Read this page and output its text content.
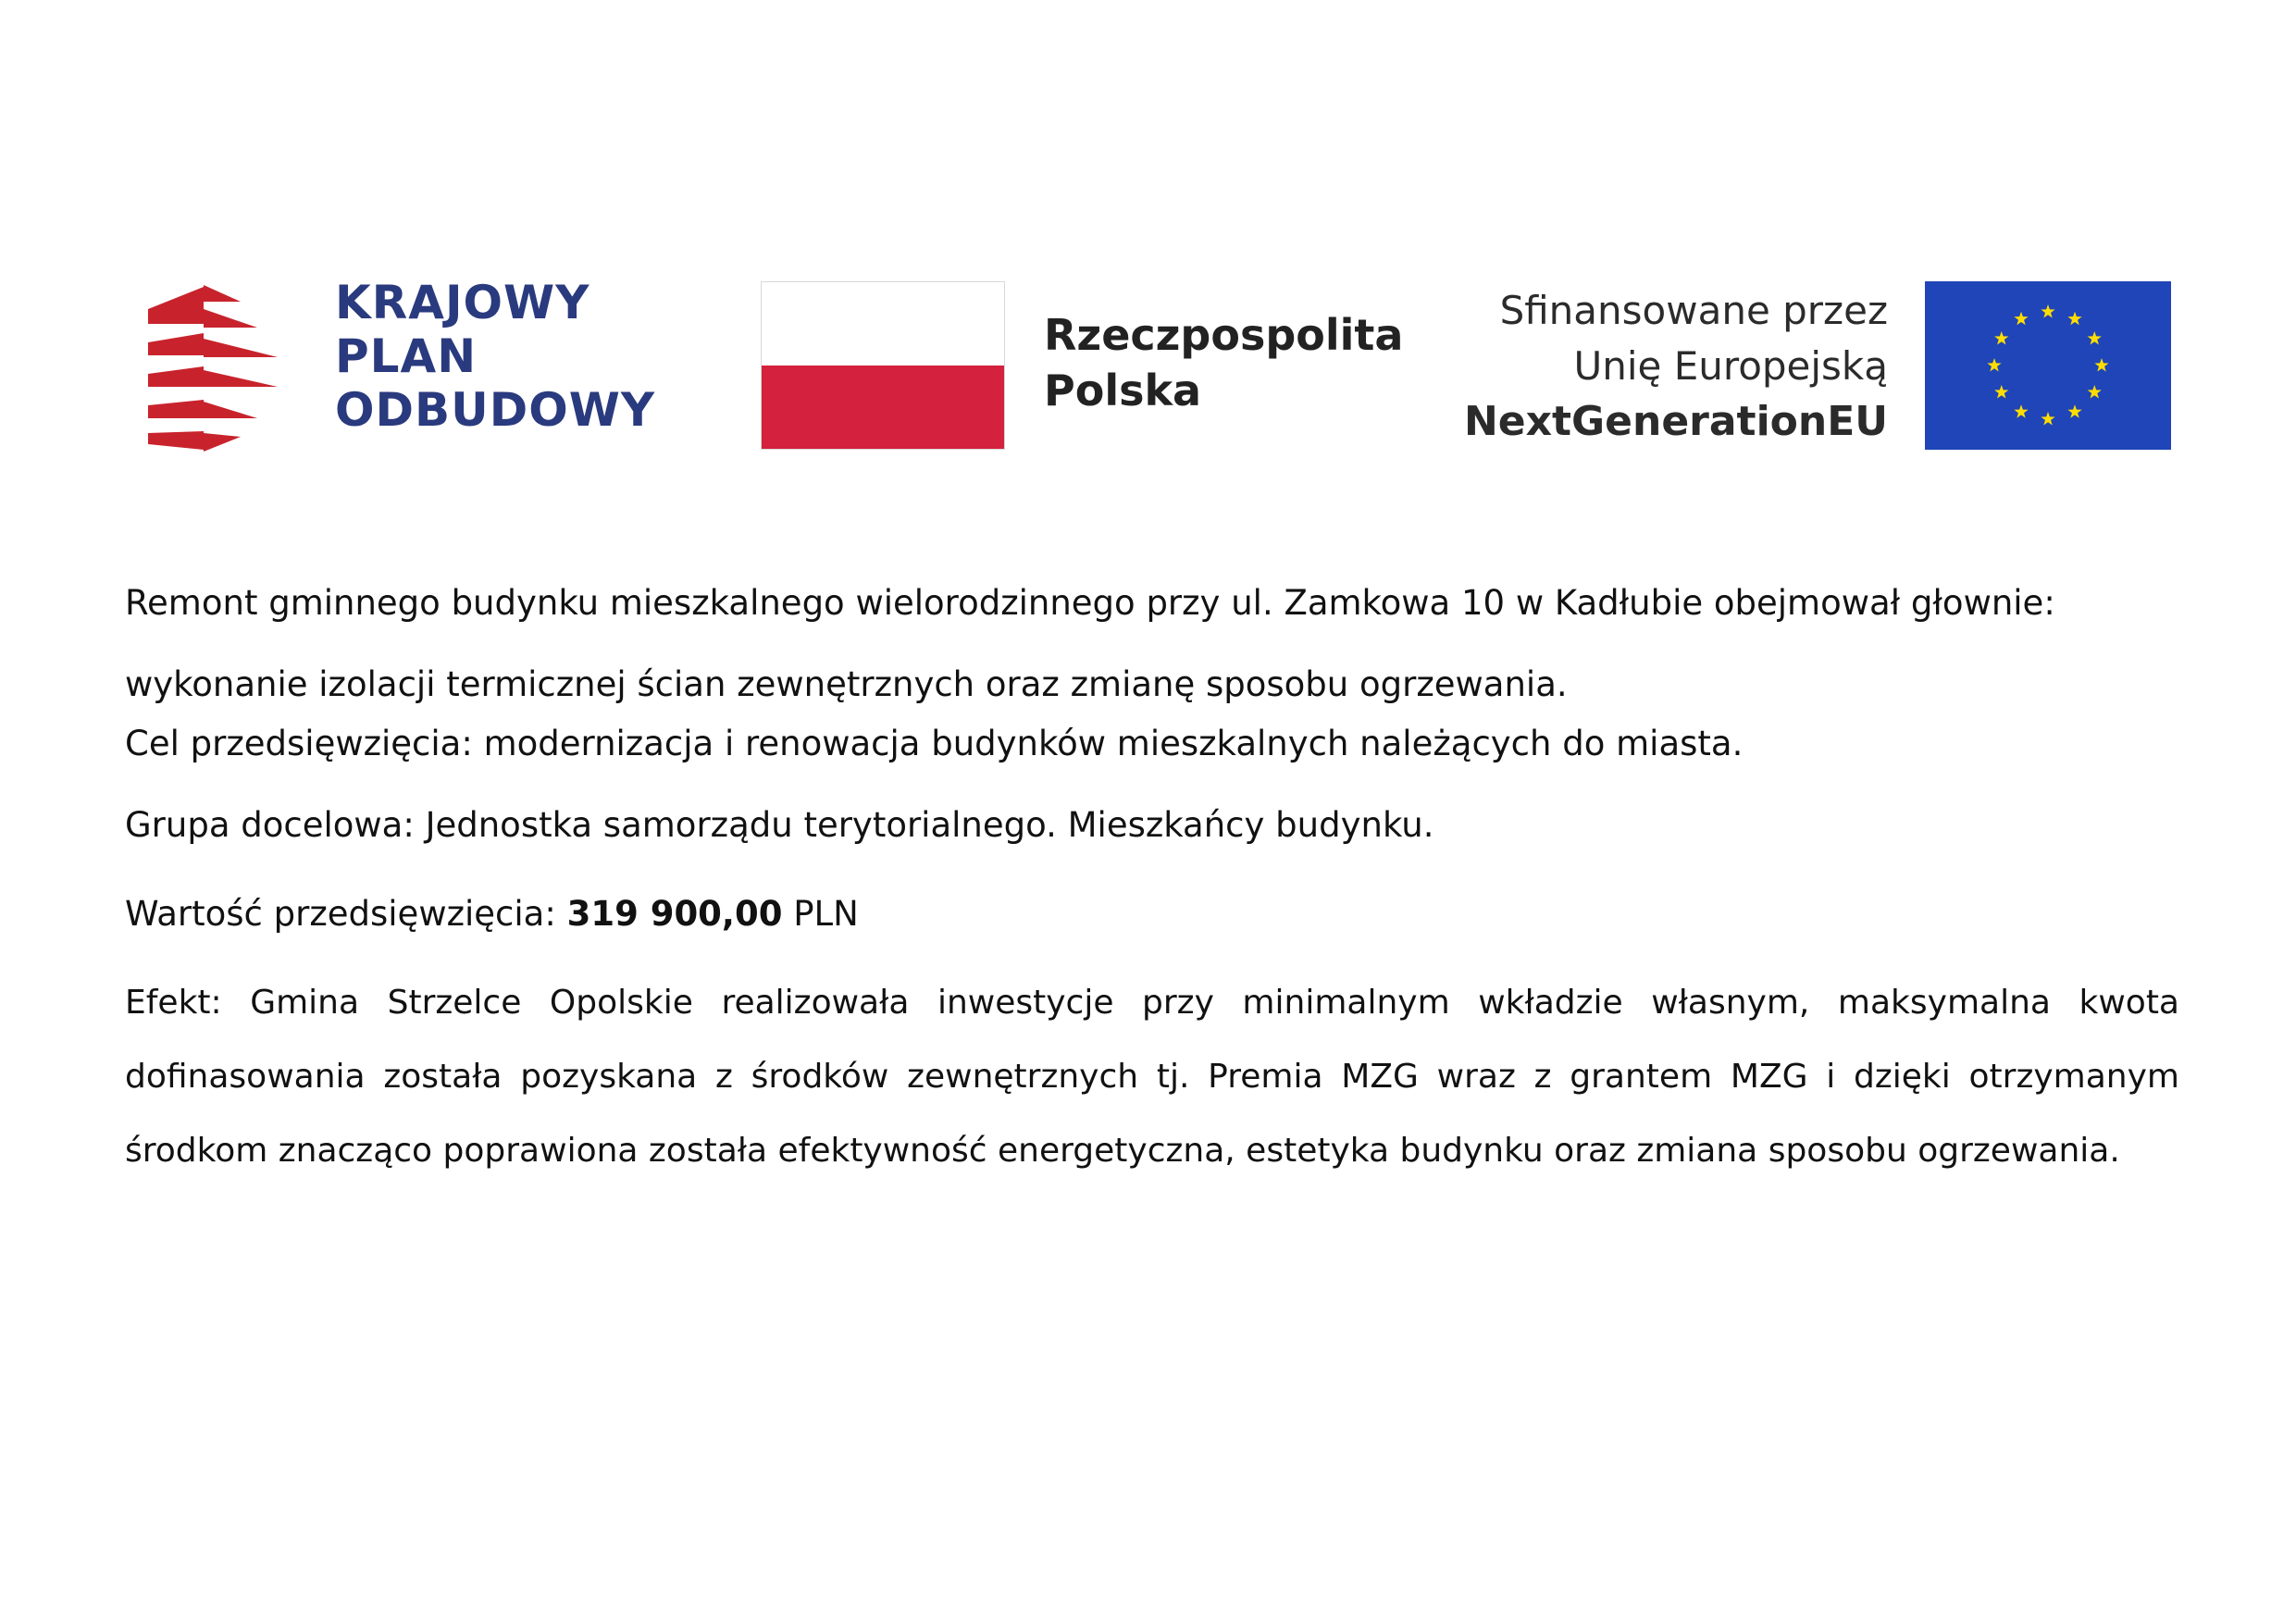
KRAJOWY
PLAN
ODBUDOWY
Rzeczpospolita
Polska
Sfinansowane przez
Unię Europejską
NextGenerationEU

Remont gminnego budynku mieszkalnego wielorodzinnego przy ul. Zamkowa 10 w Kadłubie obejmował głownie:

wykonanie izolacji termicznej ścian zewnętrznych oraz zmianę sposobu ogrzewania.

Cel przedsięwzięcia: modernizacja i renowacja budynków mieszkalnych należących do miasta.

Grupa docelowa: Jednostka samorządu terytorialnego. Mieszkańcy budynku.

Wartość przedsięwzięcia: 319 900,00 PLN

Efekt: Gmina Strzelce Opolskie realizowała inwestycje przy minimalnym wkładzie własnym, maksymalna kwota dofinasowania została pozyskana z środków zewnętrznych tj. Premia MZG wraz z grantem MZG i dzięki otrzymanym środkom znacząco poprawiona została efektywność energetyczna, estetyka budynku oraz zmiana sposobu ogrzewania.
